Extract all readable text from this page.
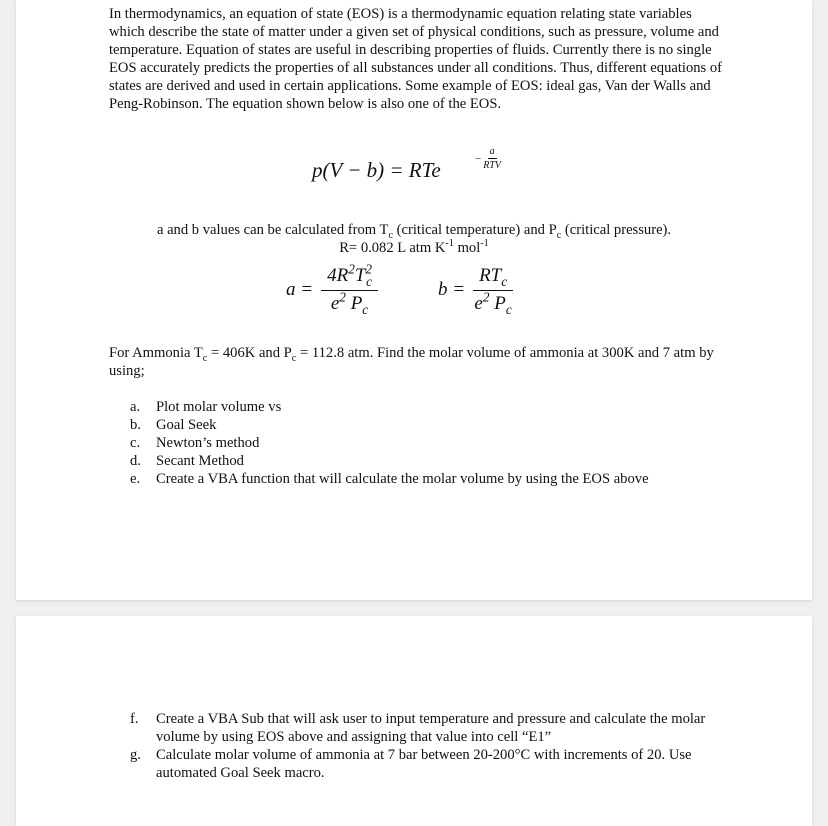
In thermodynamics, an equation of state (EOS) is a thermodynamic equation relating state variables which describe the state of matter under a given set of physical conditions, such as pressure, volume and temperature. Equation of states are useful in describing properties of fluids. Currently there is no single EOS accurately predicts the properties of all substances under all conditions. Thus, different equations of states are derived and used in certain applications. Some example of EOS: ideal gas, Van der Walls and Peng-Robinson. The equation shown below is also one of the EOS.

p(V − b) = RTe	− $\frac{a}{\text{RTV}}$
a and b values can be calculated from $T_c$ (critical temperature) and $P_c$ (critical pressure).
R= 0.082 L atm $K^{-1}$ mol$^{-1}$
$a = \frac{4R^2T^2_c}{e^2 P_c}$	$b = \frac{RT_c}{e^2 P_c}$

For Ammonia $T_c = 406K$ and $P_c = 112.8$ atm. Find the molar volume of ammonia at 300K and 7 atm by using;

a.	Plot molar volume vs
b.	Goal Seek
c.	Newton’s method
d.	Secant Method
e.	Create a VBA function that will calculate the molar volume by using the EOS above
f.	Create a VBA Sub that will ask user to input temperature and pressure and calculate the molar volume by using EOS above and assigning that value into cell “E1”
g.	Calculate molar volume of ammonia at 7 bar between 20-200°C with increments of 20. Use automated Goal Seek macro.
